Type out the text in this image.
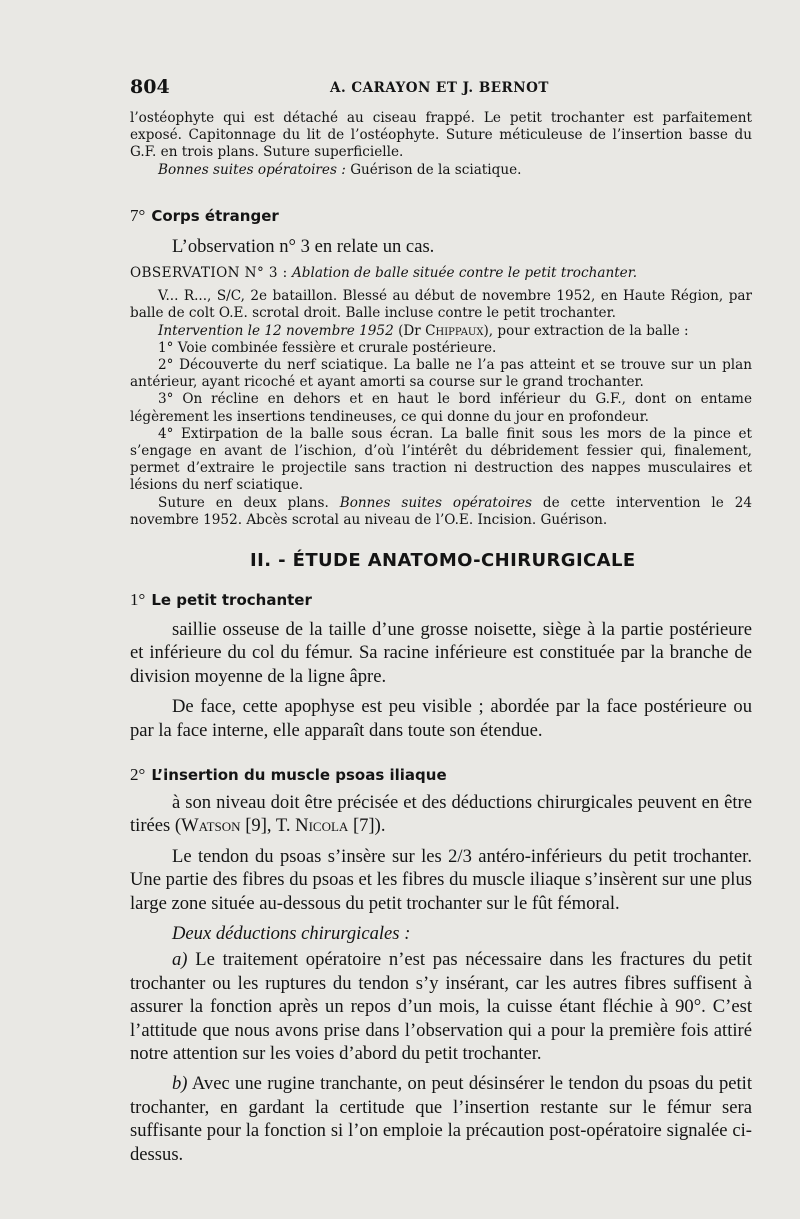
804	A. CARAYON ET J. BERNOT

l’ostéophyte qui est détaché au ciseau frappé. Le petit trochanter est parfaitement exposé. Capitonnage du lit de l’ostéophyte. Suture méticuleuse de l’insertion basse du G.F. en trois plans. Suture superficielle.

Bonnes suites opératoires : Guérison de la sciatique.

7° Corps étranger

L’observation n° 3 en relate un cas.

OBSERVATION N° 3 : Ablation de balle située contre le petit trochanter.

V... R..., S/C, 2e bataillon. Blessé au début de novembre 1952, en Haute Région, par balle de colt O.E. scrotal droit. Balle incluse contre le petit trochanter.

Intervention le 12 novembre 1952 (Dr Chippaux), pour extraction de la balle :

1° Voie combinée fessière et crurale postérieure.

2° Découverte du nerf sciatique. La balle ne l’a pas atteint et se trouve sur un plan antérieur, ayant ricoché et ayant amorti sa course sur le grand trochanter.

3° On récline en dehors et en haut le bord inférieur du G.F., dont on entame légèrement les insertions tendineuses, ce qui donne du jour en profondeur.

4° Extirpation de la balle sous écran. La balle finit sous les mors de la pince et s’engage en avant de l’ischion, d’où l’intérêt du débridement fessier qui, finalement, permet d’extraire le projectile sans traction ni destruction des nappes musculaires et lésions du nerf sciatique.

Suture en deux plans. Bonnes suites opératoires de cette intervention le 24 novembre 1952. Abcès scrotal au niveau de l’O.E. Incision. Guérison.

II. - ÉTUDE ANATOMO-CHIRURGICALE
1° Le petit trochanter

saillie osseuse de la taille d’une grosse noisette, siège à la partie postérieure et inférieure du col du fémur. Sa racine inférieure est constituée par la branche de division moyenne de la ligne âpre.

De face, cette apophyse est peu visible ; abordée par la face postérieure ou par la face interne, elle apparaît dans toute son étendue.

2° L’insertion du muscle psoas iliaque

à son niveau doit être précisée et des déductions chirurgicales peuvent en être tirées (Watson [9], T. Nicola [7]).

Le tendon du psoas s’insère sur les 2/3 antéro-inférieurs du petit trochanter. Une partie des fibres du psoas et les fibres du muscle iliaque s’insèrent sur une plus large zone située au-dessous du petit trochanter sur le fût fémoral.

Deux déductions chirurgicales :

a) Le traitement opératoire n’est pas nécessaire dans les fractures du petit trochanter ou les ruptures du tendon s’y insérant, car les autres fibres suffisent à assurer la fonction après un repos d’un mois, la cuisse étant fléchie à 90°. C’est l’attitude que nous avons prise dans l’observation qui a pour la première fois attiré notre attention sur les voies d’abord du petit trochanter.

b) Avec une rugine tranchante, on peut désinsérer le tendon du psoas du petit trochanter, en gardant la certitude que l’insertion restante sur le fémur sera suffisante pour la fonction si l’on emploie la précaution post-opératoire signalée ci-dessus.
